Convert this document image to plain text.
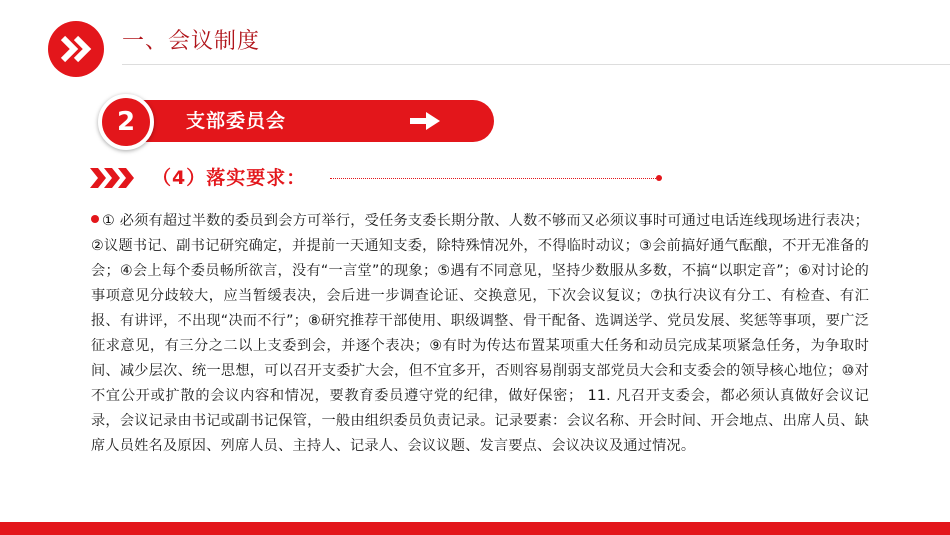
一、会议制度
支部委员会
2
（4）落实要求：
① 必须有超过半数的委员到会方可举行，受任务支委长期分散、人数不够而又必须议事时可通过电话连线现场进行表决；②议题书记、副书记研究确定，并提前一天通知支委，除特殊情况外，不得临时动议；③会前搞好通气酝酿，不开无准备的会；④会上每个委员畅所欲言，没有“一言堂”的现象；⑤遇有不同意见，坚持少数服从多数，不搞“以职定音”；⑥对讨论的事项意见分歧较大，应当暂缓表决，会后进一步调查论证、交换意见，下次会议复议；⑦执行决议有分工、有检查、有汇报、有讲评，不出现“决而不行”；⑧研究推荐干部使用、职级调整、骨干配备、选调送学、党员发展、奖惩等事项，要广泛征求意见，有三分之二以上支委到会，并逐个表决；⑨有时为传达布置某项重大任务和动员完成某项紧急任务，为争取时间、减少层次、统一思想，可以召开支委扩大会，但不宜多开，否则容易削弱支部党员大会和支委会的领导核心地位；⑩对不宜公开或扩散的会议内容和情况，要教育委员遵守党的纪律，做好保密； 11. 凡召开支委会，都必须认真做好会议记录，会议记录由书记或副书记保管，一般由组织委员负责记录。记录要素：会议名称、开会时间、开会地点、出席人员、缺席人员姓名及原因、列席人员、主持人、记录人、会议议题、发言要点、会议决议及通过情况。
